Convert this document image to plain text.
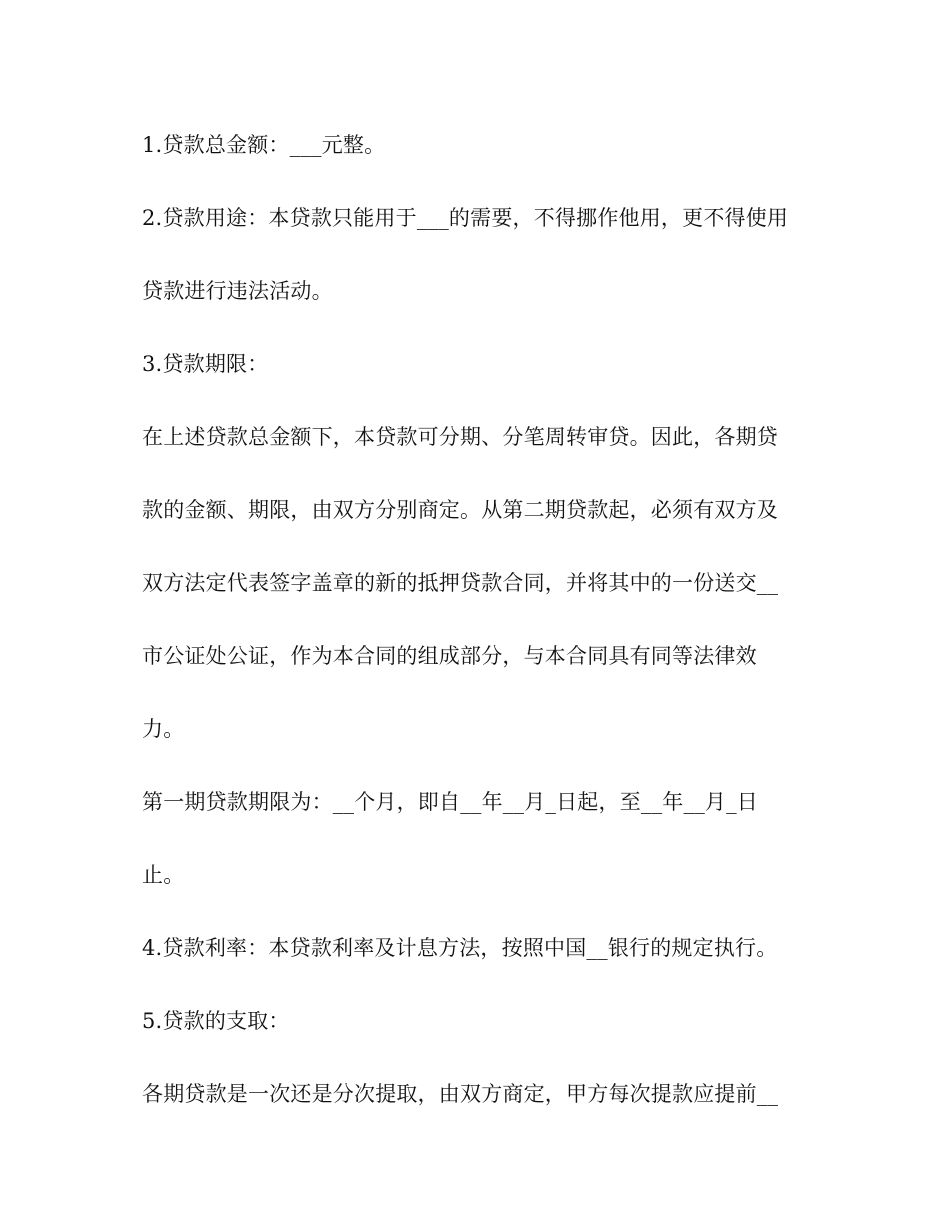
1.贷款总金额：___元整。

2.贷款用途：本贷款只能用于___的需要，不得挪作他用，更不得使用

贷款进行违法活动。

3.贷款期限：

在上述贷款总金额下，本贷款可分期、分笔周转审贷。因此，各期贷

款的金额、期限，由双方分别商定。从第二期贷款起，必须有双方及

双方法定代表签字盖章的新的抵押贷款合同，并将其中的一份送交__

市公证处公证，作为本合同的组成部分，与本合同具有同等法律效

力。

第一期贷款期限为：__个月，即自__年__月_日起，至__年__月_日

止。

4.贷款利率：本贷款利率及计息方法，按照中国__银行的规定执行。

5.贷款的支取：

各期贷款是一次还是分次提取，由双方商定，甲方每次提款应提前__
